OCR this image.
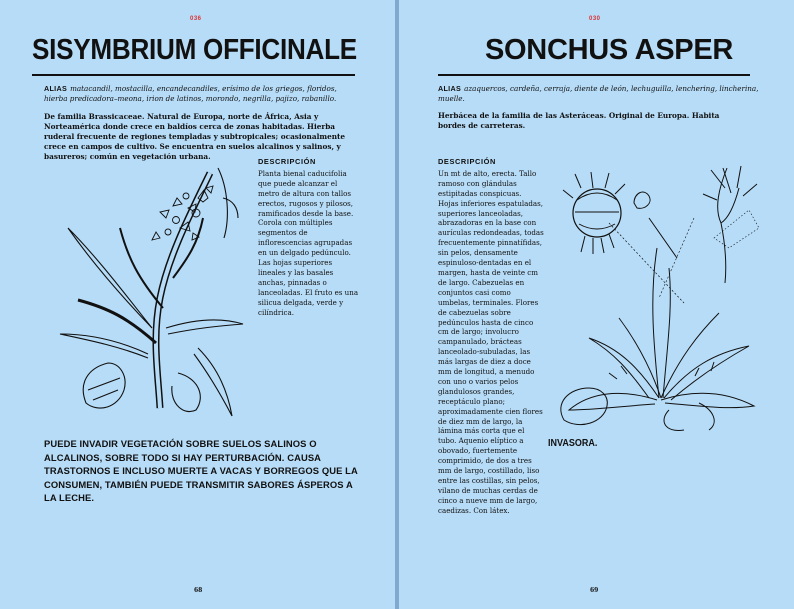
036
SISYMBRIUM OFFICINALE
ALIAS matacandil, mostacilla, encandecandiles, erísimo de los griegos, floridos, hierba predicadora–meona, irion de latinos, morondo, negrilla, pajizo, rabanillo.
De familia Brassicaceae. Natural de Europa, norte de África, Asia y Norteamérica donde crece en baldíos cerca de zonas habitadas. Hierba ruderal frecuente de regiones templadas y subtropicales; ocasionalmente crece en campos de cultivo. Se encuentra en suelos alcalinos y salinos, y basureros; común en vegetación urbana.
DESCRIPCIÓN
Planta bienal caducifolia que puede alcanzar el metro de altura con tallos erectos, rugosos y pilosos, ramificados desde la base. Corola con múltiples segmentos de inflorescencias agrupadas en un delgado pedúnculo. Las hojas superiores lineales y las basales anchas, pinnadas o lanceoladas. El fruto es una silicua delgada, verde y cilíndrica.
PUEDE INVADIR VEGETACIÓN SOBRE SUELOS SALINOS O ALCALINOS, SOBRE TODO SI HAY PERTURBACIÓN. CAUSA TRASTORNOS E INCLUSO MUERTE A VACAS Y BORREGOS QUE LA CONSUMEN, TAMBIÉN PUEDE TRANSMITIR SABORES ÁSPEROS A LA LECHE.
68
030
SONCHUS ASPER
ALIAS azaquercos, cardeña, cerraja, diente de león, lechuguilla, lenchering, lincherina, muelle.
Herbácea de la familia de las Asteráceas. Original de Europa. Habita bordes de carreteras.
DESCRIPCIÓN
Un mt de alto, erecta. Tallo ramoso con glándulas estipitadas conspicuas. Hojas inferiores espatuladas, superiores lanceoladas, abrazadoras en la base con aurículas redondeadas, todas frecuentemente pinnatífidas, sin pelos, densamente espinuloso-dentadas en el margen, hasta de veinte cm de largo. Cabezuelas en conjuntos casi como umbelas, terminales. Flores de cabezuelas sobre pedúnculos hasta de cinco cm de largo; involucro campanulado, brácteas lanceolado-subuladas, las más largas de diez a doce mm de longitud, a menudo con uno o varios pelos glandulosos grandes, receptáculo plano; aproximadamente cien flores de diez mm de largo, la lámina más corta que el tubo. Aquenio elíptico a obovado, fuertemente comprimido, de dos a tres mm de largo, costillado, liso entre las costillas, sin pelos, vilano de muchas cerdas de cinco a nueve mm de largo, caedizas. Con látex.
INVASORA.
69
